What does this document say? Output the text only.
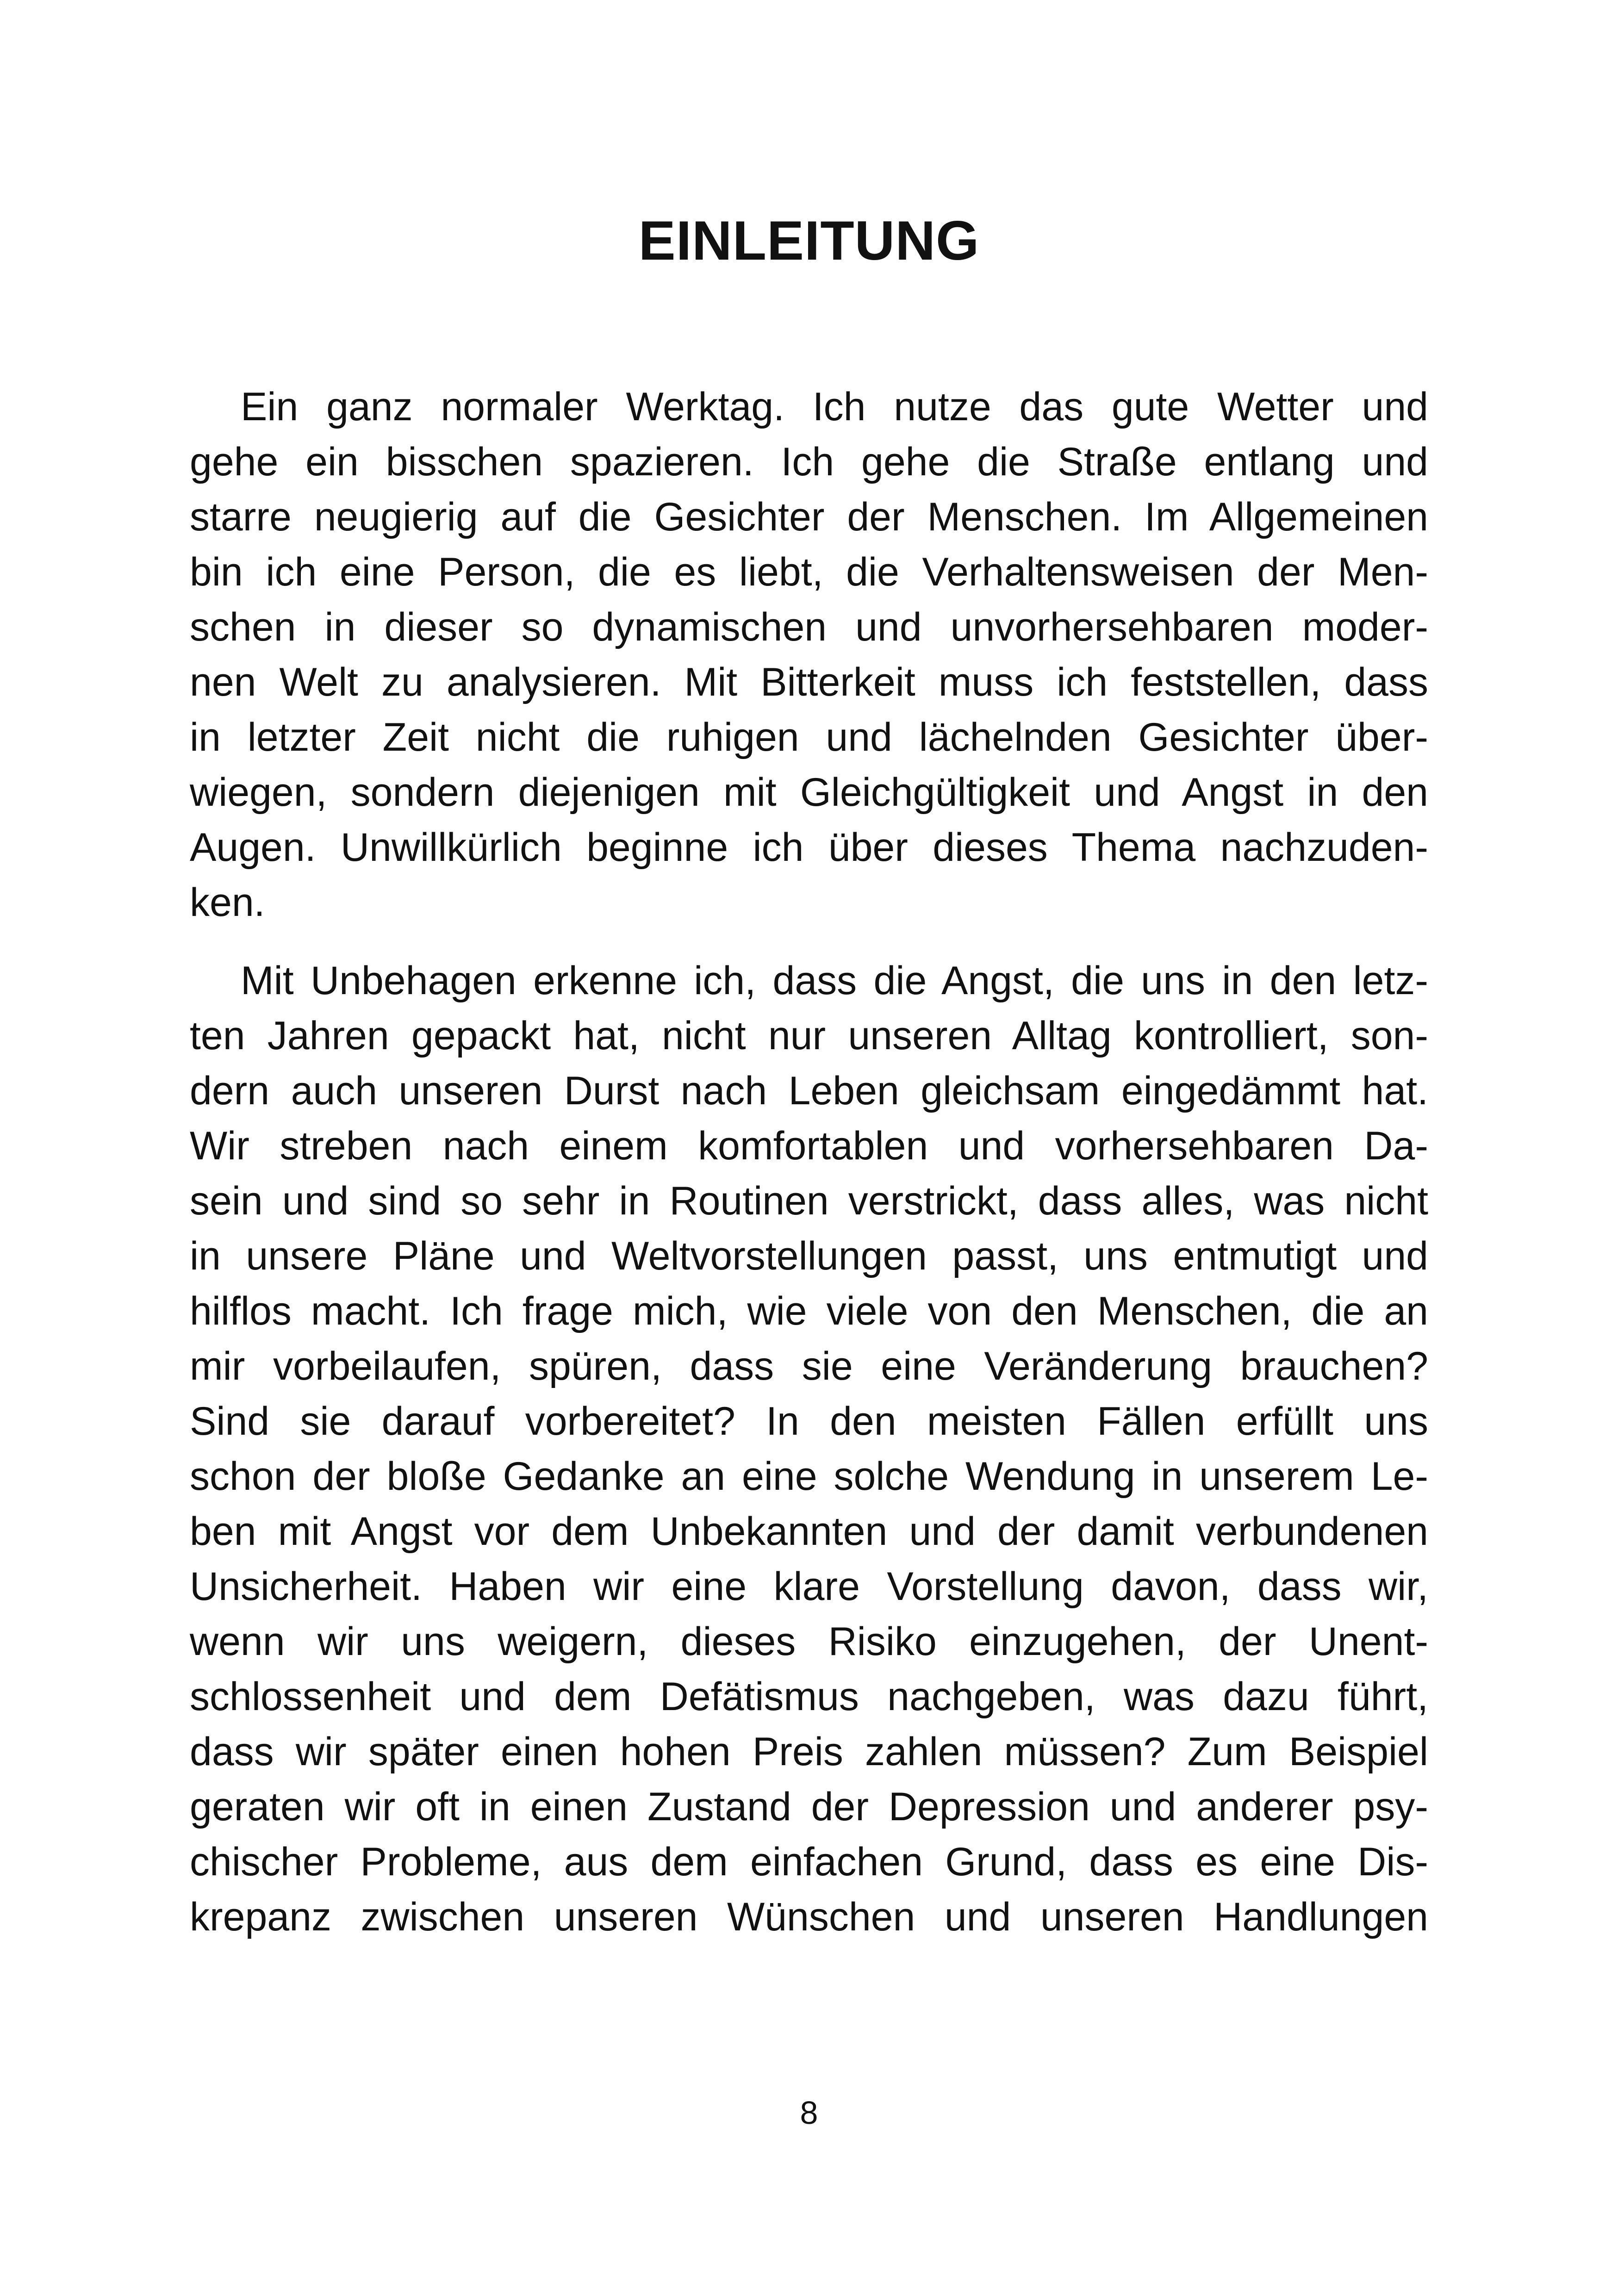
EINLEITUNG
Ein ganz normaler Werktag. Ich nutze das gute Wetter und
gehe ein bisschen spazieren. Ich gehe die Straße entlang und
starre neugierig auf die Gesichter der Menschen. Im Allgemeinen
bin ich eine Person, die es liebt, die Verhaltensweisen der Men-
schen in dieser so dynamischen und unvorhersehbaren moder-
nen Welt zu analysieren. Mit Bitterkeit muss ich feststellen, dass
in letzter Zeit nicht die ruhigen und lächelnden Gesichter über-
wiegen, sondern diejenigen mit Gleichgültigkeit und Angst in den
Augen. Unwillkürlich beginne ich über dieses Thema nachzuden-
ken.
Mit Unbehagen erkenne ich, dass die Angst, die uns in den letz-
ten Jahren gepackt hat, nicht nur unseren Alltag kontrolliert, son-
dern auch unseren Durst nach Leben gleichsam eingedämmt hat.
Wir streben nach einem komfortablen und vorhersehbaren Da-
sein und sind so sehr in Routinen verstrickt, dass alles, was nicht
in unsere Pläne und Weltvorstellungen passt, uns entmutigt und
hilflos macht. Ich frage mich, wie viele von den Menschen, die an
mir vorbeilaufen, spüren, dass sie eine Veränderung brauchen?
Sind sie darauf vorbereitet? In den meisten Fällen erfüllt uns
schon der bloße Gedanke an eine solche Wendung in unserem Le-
ben mit Angst vor dem Unbekannten und der damit verbundenen
Unsicherheit. Haben wir eine klare Vorstellung davon, dass wir,
wenn wir uns weigern, dieses Risiko einzugehen, der Unent-
schlossenheit und dem Defätismus nachgeben, was dazu führt,
dass wir später einen hohen Preis zahlen müssen? Zum Beispiel
geraten wir oft in einen Zustand der Depression und anderer psy-
chischer Probleme, aus dem einfachen Grund, dass es eine Dis-
krepanz zwischen unseren Wünschen und unseren Handlungen
8
